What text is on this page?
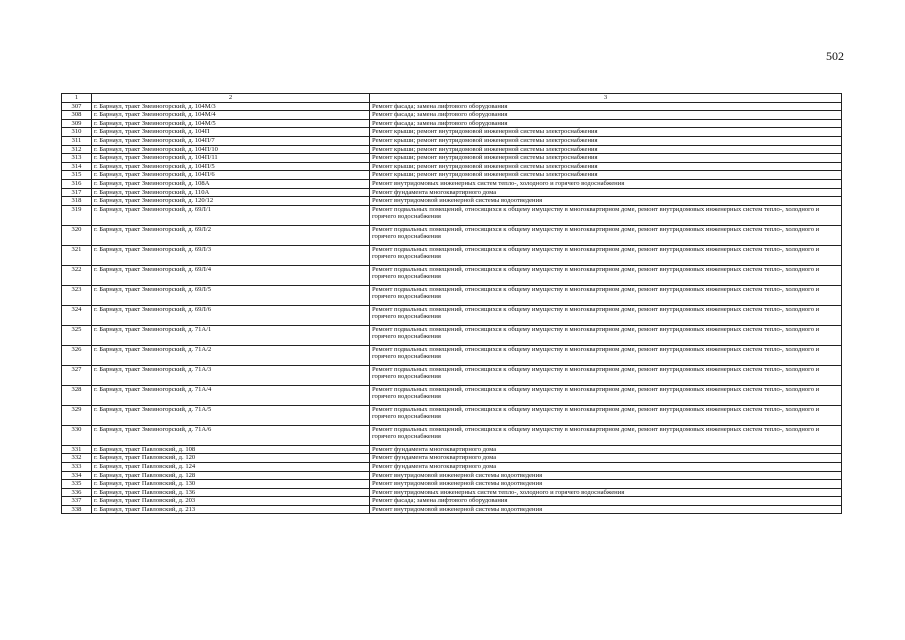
502
1	2	3
307	г. Барнаул, тракт Змеиногорский, д. 104М/3	Ремонт фасада; замена лифтового оборудования
308	г. Барнаул, тракт Змеиногорский, д. 104М/4	Ремонт фасада; замена лифтового оборудования
309	г. Барнаул, тракт Змеиногорский, д. 104М/5	Ремонт фасада; замена лифтового оборудования
310	г. Барнаул, тракт Змеиногорский, д. 104П	Ремонт крыши; ремонт внутридомовой инженерной системы электроснабжения
311	г. Барнаул, тракт Змеиногорский, д. 104П/7	Ремонт крыши; ремонт внутридомовой инженерной системы электроснабжения
312	г. Барнаул, тракт Змеиногорский, д. 104П/10	Ремонт крыши; ремонт внутридомовой инженерной системы электроснабжения
313	г. Барнаул, тракт Змеиногорский, д. 104П/11	Ремонт крыши; ремонт внутридомовой инженерной системы электроснабжения
314	г. Барнаул, тракт Змеиногорский, д. 104П/5	Ремонт крыши; ремонт внутридомовой инженерной системы электроснабжения
315	г. Барнаул, тракт Змеиногорский, д. 104П/6	Ремонт крыши; ремонт внутридомовой инженерной системы электроснабжения
316	г. Барнаул, тракт Змеиногорский, д. 108А	Ремонт внутридомовых инженерных систем тепло-, холодного и горячего водоснабжения
317	г. Барнаул, тракт Змеиногорский, д. 110А	Ремонт фундамента многоквартирного дома
318	г. Барнаул, тракт Змеиногорский, д. 120/12	Ремонт внутридомовой инженерной системы водоотведения
319	г. Барнаул, тракт Змеиногорский, д. 69Л/1	Ремонт подвальных помещений, относящихся к общему имуществу в многоквартирном доме, ремонт внутридомовых инженерных систем тепло-, холодного и горячего водоснабжения
320	г. Барнаул, тракт Змеиногорский, д. 69Л/2	Ремонт подвальных помещений, относящихся к общему имуществу в многоквартирном доме, ремонт внутридомовых инженерных систем тепло-, холодного и горячего водоснабжения
321	г. Барнаул, тракт Змеиногорский, д. 69Л/3	Ремонт подвальных помещений, относящихся к общему имуществу в многоквартирном доме, ремонт внутридомовых инженерных систем тепло-, холодного и горячего водоснабжения
322	г. Барнаул, тракт Змеиногорский, д. 69Л/4	Ремонт подвальных помещений, относящихся к общему имуществу в многоквартирном доме, ремонт внутридомовых инженерных систем тепло-, холодного и горячего водоснабжения
323	г. Барнаул, тракт Змеиногорский, д. 69Л/5	Ремонт подвальных помещений, относящихся к общему имуществу в многоквартирном доме, ремонт внутридомовых инженерных систем тепло-, холодного и горячего водоснабжения
324	г. Барнаул, тракт Змеиногорский, д. 69Л/6	Ремонт подвальных помещений, относящихся к общему имуществу в многоквартирном доме, ремонт внутридомовых инженерных систем тепло-, холодного и горячего водоснабжения
325	г. Барнаул, тракт Змеиногорский, д. 71А/1	Ремонт подвальных помещений, относящихся к общему имуществу в многоквартирном доме, ремонт внутридомовых инженерных систем тепло-, холодного и горячего водоснабжения
326	г. Барнаул, тракт Змеиногорский, д. 71А/2	Ремонт подвальных помещений, относящихся к общему имуществу в многоквартирном доме, ремонт внутридомовых инженерных систем тепло-, холодного и горячего водоснабжения
327	г. Барнаул, тракт Змеиногорский, д. 71А/3	Ремонт подвальных помещений, относящихся к общему имуществу в многоквартирном доме, ремонт внутридомовых инженерных систем тепло-, холодного и горячего водоснабжения
328	г. Барнаул, тракт Змеиногорский, д. 71А/4	Ремонт подвальных помещений, относящихся к общему имуществу в многоквартирном доме, ремонт внутридомовых инженерных систем тепло-, холодного и горячего водоснабжения
329	г. Барнаул, тракт Змеиногорский, д. 71А/5	Ремонт подвальных помещений, относящихся к общему имуществу в многоквартирном доме, ремонт внутридомовых инженерных систем тепло-, холодного и горячего водоснабжения
330	г. Барнаул, тракт Змеиногорский, д. 71А/6	Ремонт подвальных помещений, относящихся к общему имуществу в многоквартирном доме, ремонт внутридомовых инженерных систем тепло-, холодного и горячего водоснабжения
331	г. Барнаул, тракт Павловский, д. 108	Ремонт фундамента многоквартирного дома
332	г. Барнаул, тракт Павловский, д. 120	Ремонт фундамента многоквартирного дома
333	г. Барнаул, тракт Павловский, д. 124	Ремонт фундамента многоквартирного дома
334	г. Барнаул, тракт Павловский, д. 128	Ремонт внутридомовой инженерной системы водоотведения
335	г. Барнаул, тракт Павловский, д. 130	Ремонт внутридомовой инженерной системы водоотведения
336	г. Барнаул, тракт Павловский, д. 136	Ремонт внутридомовых инженерных систем тепло-, холодного и горячего водоснабжения
337	г. Барнаул, тракт Павловский, д. 203	Ремонт фасада; замена лифтового оборудования
338	г. Барнаул, тракт Павловский, д. 213	Ремонт внутридомовой инженерной системы водоотведения
